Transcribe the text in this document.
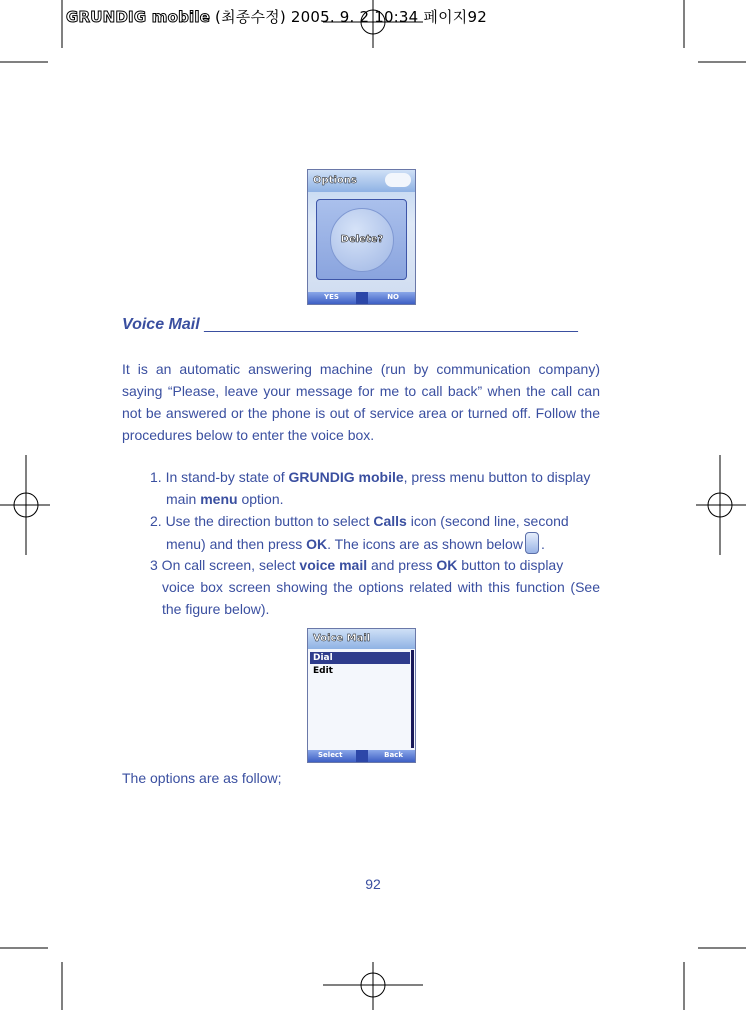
GRUNDIG mobile (최종수정) 2005. 9. 2 10:34 페이지92
Options
Delete?
YES	NO
Voice Mail __________________________________________
It is an automatic answering machine (run by communication company) saying “Please, leave your message for me to call back” when the call can not be answered or the phone is out of service area or turned off. Follow the procedures below to enter the voice box.
1. In stand-by state of GRUNDIG mobile, press menu button to display
main menu option.
2. Use the direction button to select Calls icon (second line, second
menu) and then press OK. The icons are as shown below .
3 On call screen, select voice mail and press OK button to display
voice box screen showing the options related with this function (See the figure below).
Voice Mail
Dial
Edit
Select	Back
The options are as follow;
92
